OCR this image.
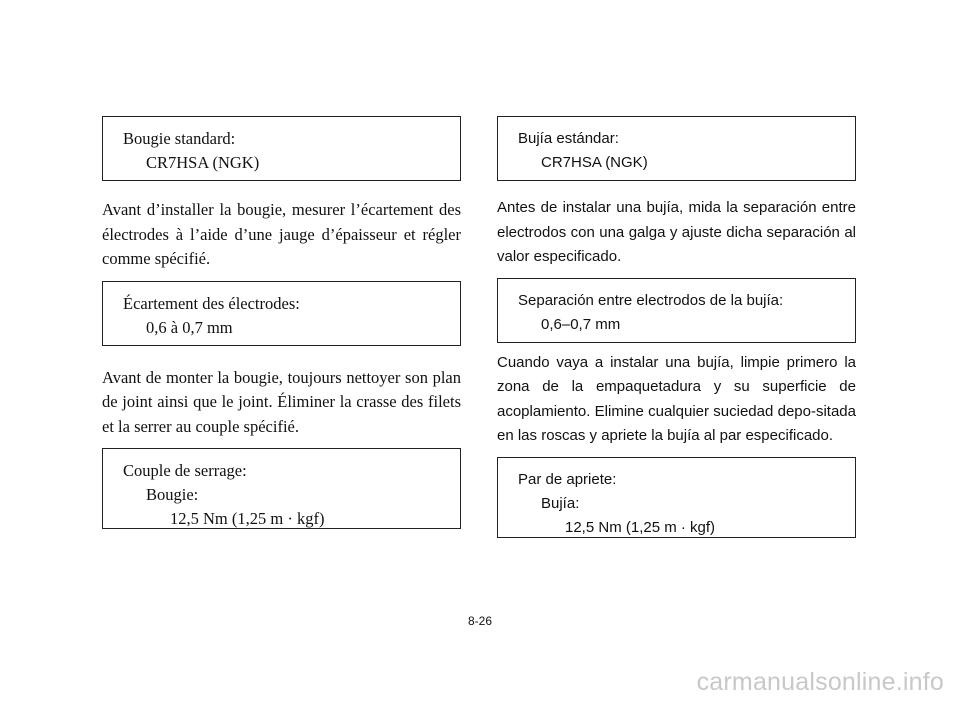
Bougie standard:
CR7HSA (NGK)

Avant d’installer la bougie, mesurer l’écartement des électrodes à l’aide d’une jauge d’épaisseur et régler comme spécifié.

Écartement des électrodes:
0,6 à 0,7 mm

Avant de monter la bougie, toujours nettoyer son plan de joint ainsi que le joint. Éliminer la crasse des filets et la serrer au couple spécifié.

Couple de serrage:
Bougie:
12,5 Nm (1,25 m · kgf)
Bujía estándar:
CR7HSA (NGK)

Antes de instalar una bujía, mida la separación entre electrodos con una galga y ajuste dicha separación al valor especificado.

Separación entre electrodos de la bujía:
0,6–0,7 mm

Cuando vaya a instalar una bujía, limpie primero la zona de la empaquetadura y su superficie de acoplamiento. Elimine cualquier suciedad depo-sitada en las roscas y apriete la bujía al par especificado.

Par de apriete:
Bujía:
12,5 Nm (1,25 m · kgf)
8-26
carmanualsonline.info
